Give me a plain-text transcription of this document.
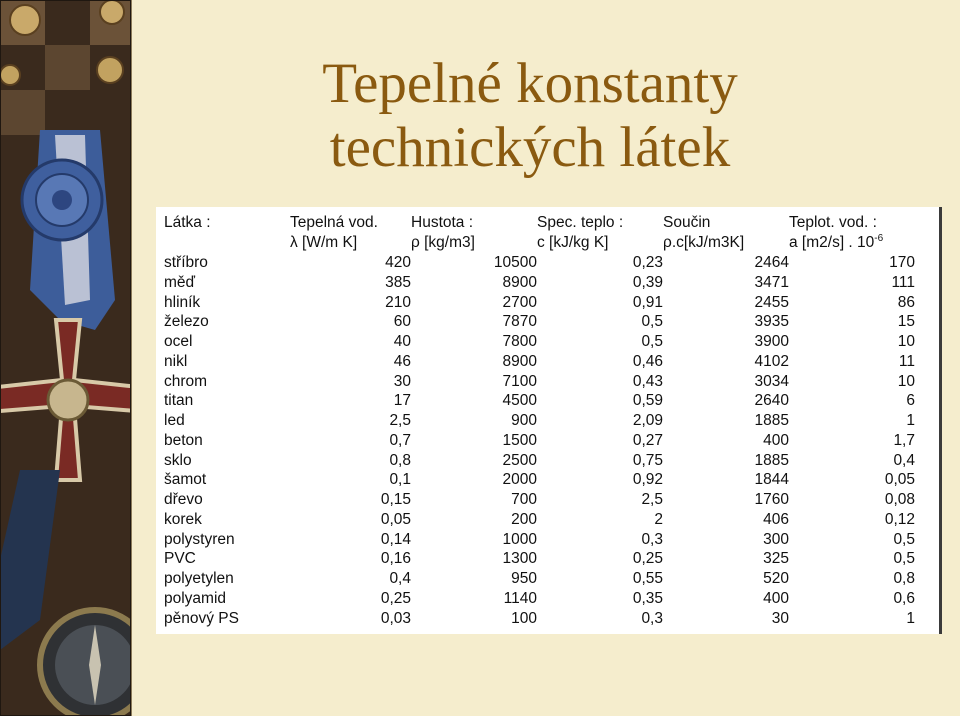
Tepelné konstanty
technických látek
Látka :	Tepelná vod.	Hustota :	Spec. teplo :	Součin	Teplot. vod. :
	λ [W/m K]	ρ [kg/m3]	c [kJ/kg K]	ρ.c[kJ/m3K]	a [m2/s] . $10^{-6}$
stříbro	420	10500	0,23	2464	170
měď	385	8900	0,39	3471	111
hliník	210	2700	0,91	2455	86
železo	60	7870	0,5	3935	15
ocel	40	7800	0,5	3900	10
nikl	46	8900	0,46	4102	11
chrom	30	7100	0,43	3034	10
titan	17	4500	0,59	2640	6
led	2,5	900	2,09	1885	1
beton	0,7	1500	0,27	400	1,7
sklo	0,8	2500	0,75	1885	0,4
šamot	0,1	2000	0,92	1844	0,05
dřevo	0,15	700	2,5	1760	0,08
korek	0,05	200	2	406	0,12
polystyren	0,14	1000	0,3	300	0,5
PVC	0,16	1300	0,25	325	0,5
polyetylen	0,4	950	0,55	520	0,8
polyamid	0,25	1140	0,35	400	0,6
pěnový PS	0,03	100	0,3	30	1
